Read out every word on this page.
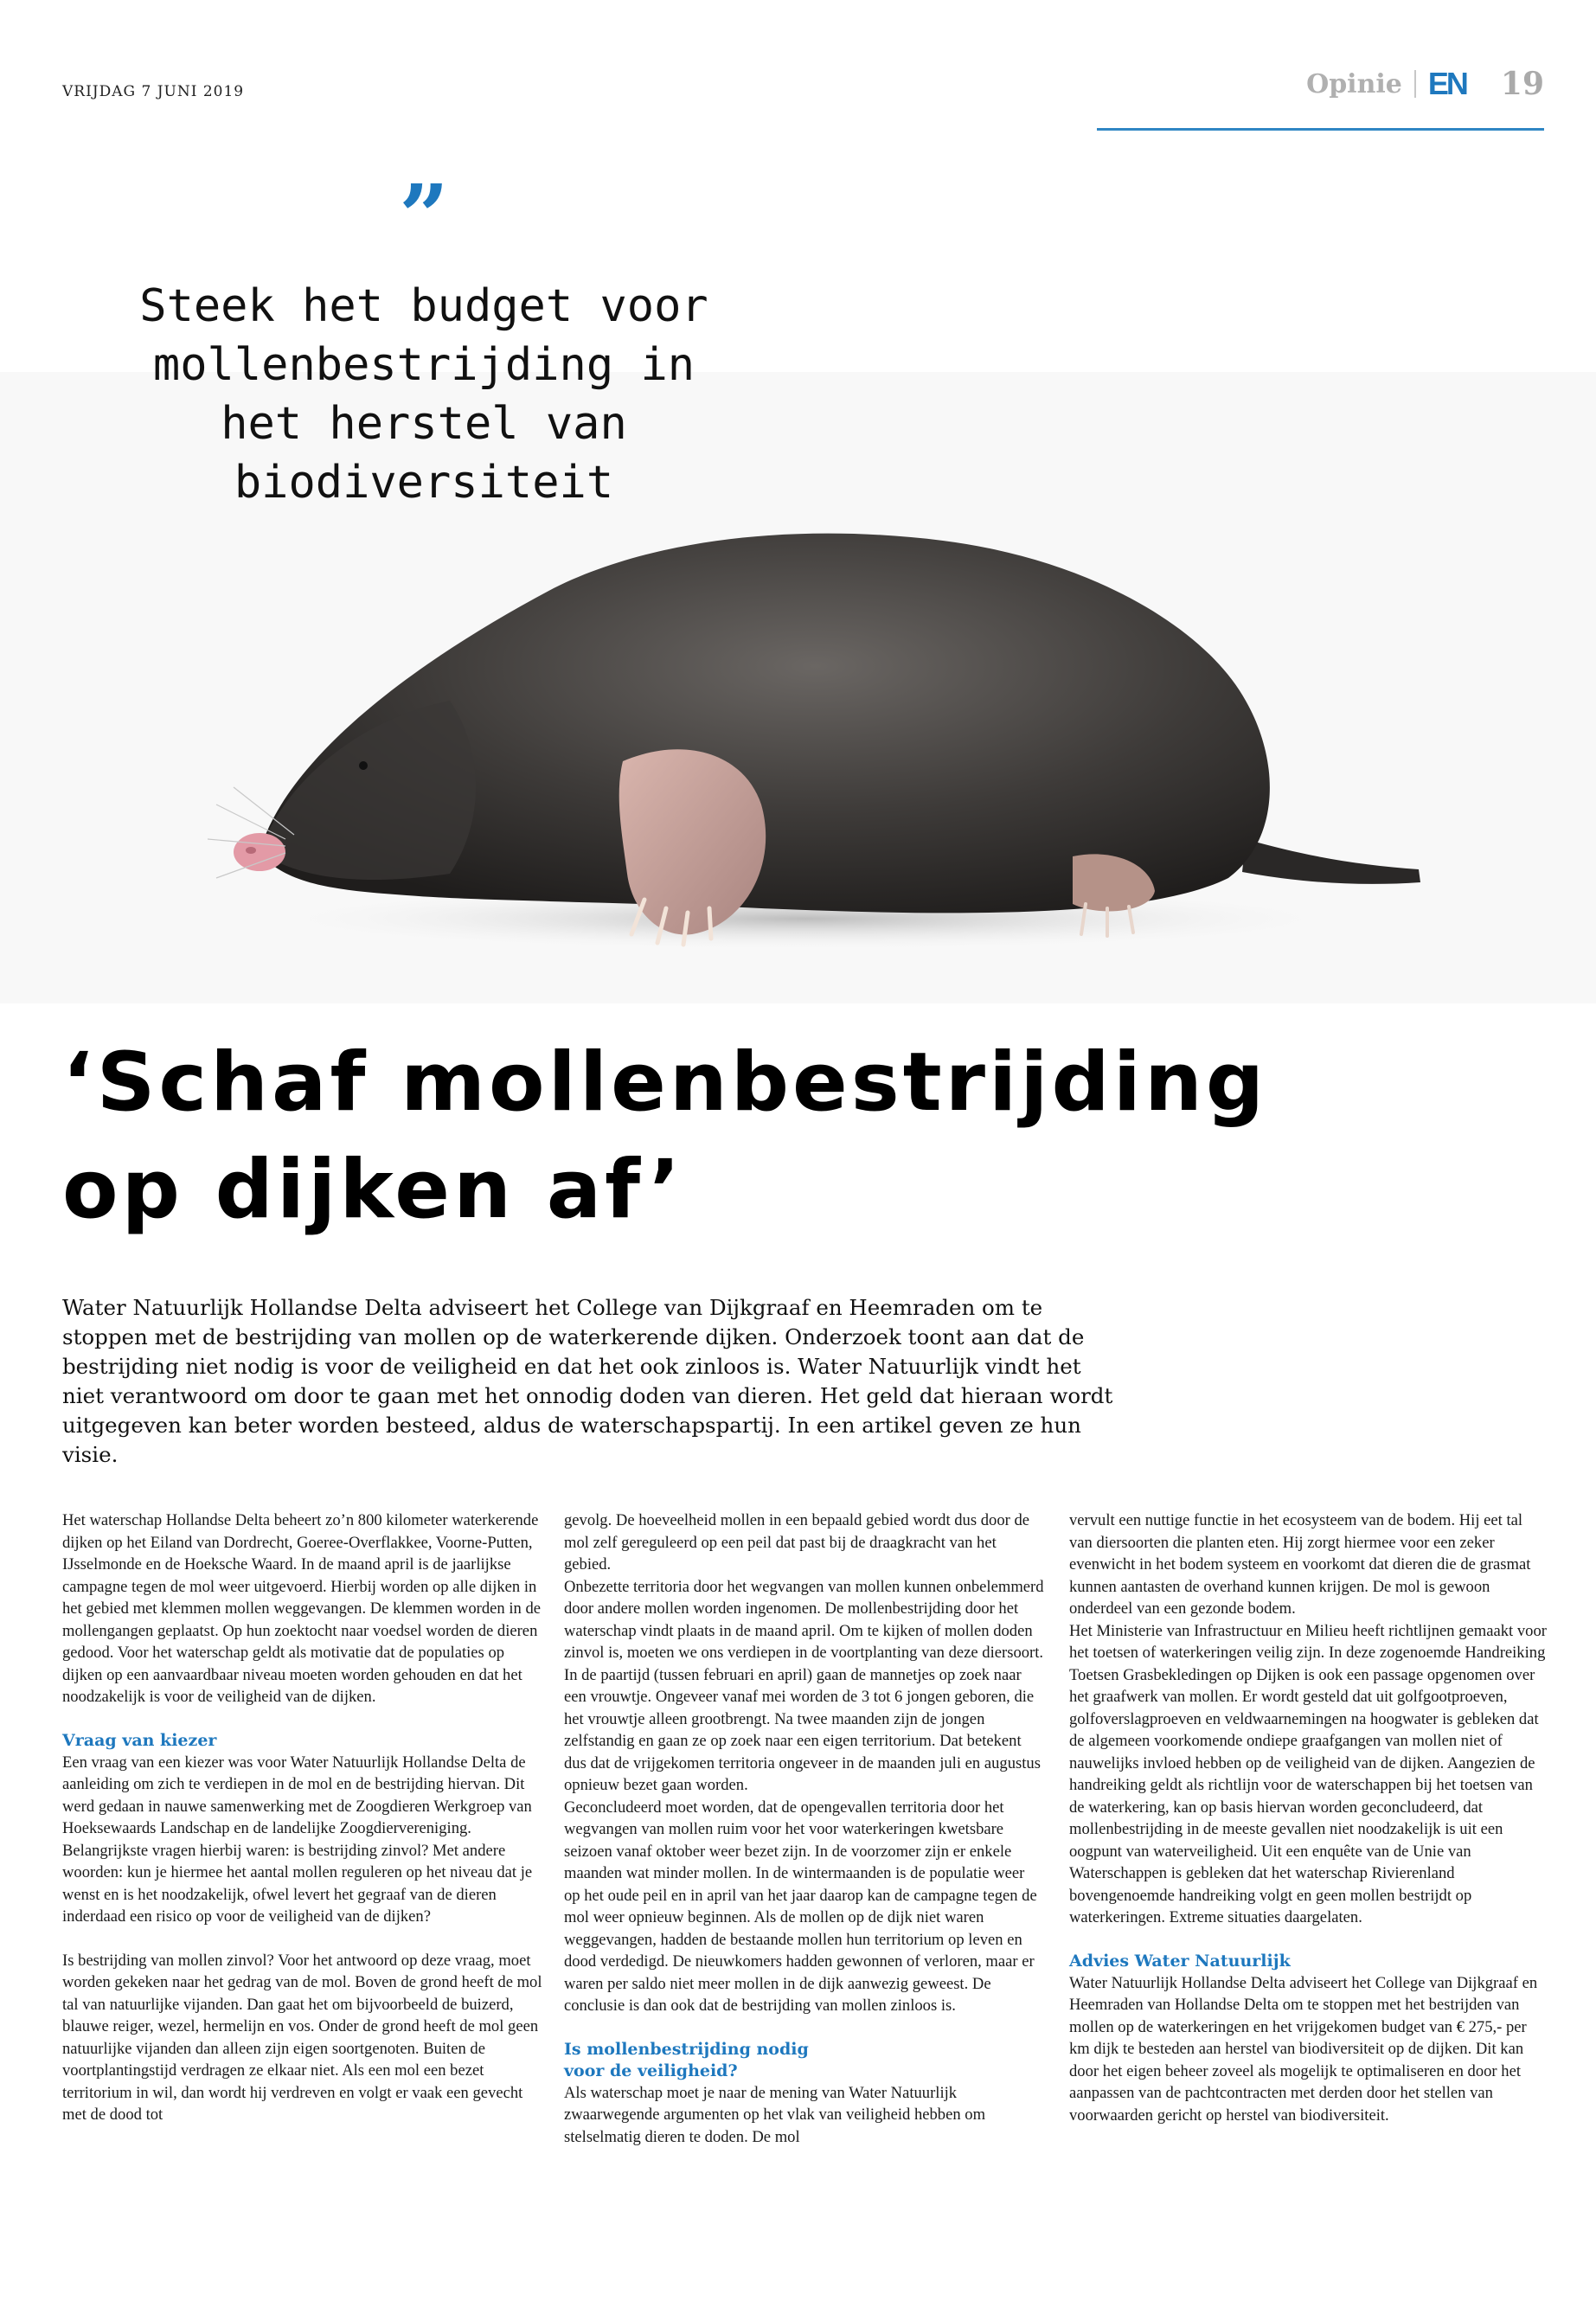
VRIJDAG 7 JUNI 2019	Opinie EN 19
”
Steek het budget voor mollenbestrijding in het herstel van biodiversiteit
‘Schaf mollenbestrijding
op dijken af’

Water Natuurlijk Hollandse Delta adviseert het College van Dijkgraaf en Heemraden om te stoppen met de bestrijding van mollen op de waterkerende dijken. Onderzoek toont aan dat de bestrijding niet nodig is voor de veiligheid en dat het ook zinloos is. Water Natuurlijk vindt het niet verantwoord om door te gaan met het onnodig doden van dieren. Het geld dat hieraan wordt uitgegeven kan beter worden besteed, aldus de waterschapspartij. In een artikel geven ze hun visie.

Het waterschap Hollandse Delta beheert zo’n 800 kilometer waterkerende dijken op het Eiland van Dordrecht, Goeree-Overflakkee, Voorne-Putten, IJsselmonde en de Hoeksche Waard. In de maand april is de jaarlijkse campagne tegen de mol weer uitgevoerd. Hierbij worden op alle dijken in het gebied met klemmen mollen weggevangen. De klemmen worden in de mollengangen geplaatst. Op hun zoektocht naar voedsel worden de dieren gedood. Voor het waterschap geldt als motivatie dat de populaties op dijken op een aanvaardbaar niveau moeten worden gehouden en dat het noodzakelijk is voor de veiligheid van de dijken.

Vraag van kiezer

Een vraag van een kiezer was voor Water Natuurlijk Hollandse Delta de aanleiding om zich te verdiepen in de mol en de bestrijding hiervan. Dit werd gedaan in nauwe samenwerking met de Zoogdieren Werkgroep van Hoeksewaards Landschap en de landelijke Zoogdiervereniging. Belangrijkste vragen hierbij waren: is bestrijding zinvol? Met andere woorden: kun je hiermee het aantal mollen reguleren op het niveau dat je wenst en is het noodzakelijk, ofwel levert het gegraaf van de dieren inderdaad een risico op voor de veiligheid van de dijken?

Is bestrijding van mollen zinvol? Voor het antwoord op deze vraag, moet worden gekeken naar het gedrag van de mol. Boven de grond heeft de mol tal van natuurlijke vijanden. Dan gaat het om bijvoorbeeld de buizerd, blauwe reiger, wezel, hermelijn en vos. Onder de grond heeft de mol geen natuurlijke vijanden dan alleen zijn eigen soortgenoten. Buiten de voortplantingstijd verdragen ze elkaar niet. Als een mol een bezet territorium in wil, dan wordt hij verdreven en volgt er vaak een gevecht met de dood tot

gevolg. De hoeveelheid mollen in een bepaald gebied wordt dus door de mol zelf gereguleerd op een peil dat past bij de draagkracht van het gebied.

Onbezette territoria door het wegvangen van mollen kunnen onbelemmerd door andere mollen worden ingenomen. De mollenbestrijding door het waterschap vindt plaats in de maand april. Om te kijken of mollen doden zinvol is, moeten we ons verdiepen in de voortplanting van deze diersoort. In de paartijd (tussen februari en april) gaan de mannetjes op zoek naar een vrouwtje. Ongeveer vanaf mei worden de 3 tot 6 jongen geboren, die het vrouwtje alleen grootbrengt. Na twee maanden zijn de jongen zelfstandig en gaan ze op zoek naar een eigen territorium. Dat betekent dus dat de vrijgekomen territoria ongeveer in de maanden juli en augustus opnieuw bezet gaan worden.

Geconcludeerd moet worden, dat de opengevallen territoria door het wegvangen van mollen ruim voor het voor waterkeringen kwetsbare seizoen vanaf oktober weer bezet zijn. In de voorzomer zijn er enkele maanden wat minder mollen. In de wintermaanden is de populatie weer op het oude peil en in april van het jaar daarop kan de campagne tegen de mol weer opnieuw beginnen. Als de mollen op de dijk niet waren weggevangen, hadden de bestaande mollen hun territorium op leven en dood verdedigd. De nieuwkomers hadden gewonnen of verloren, maar er waren per saldo niet meer mollen in de dijk aanwezig geweest. De conclusie is dan ook dat de bestrijding van mollen zinloos is.

Is mollenbestrijding nodig voor de veiligheid?

Als waterschap moet je naar de mening van Water Natuurlijk zwaarwegende argumenten op het vlak van veiligheid hebben om stelselmatig dieren te doden. De mol

vervult een nuttige functie in het ecosysteem van de bodem. Hij eet tal van diersoorten die planten eten. Hij zorgt hiermee voor een zeker evenwicht in het bodem systeem en voorkomt dat dieren die de grasmat kunnen aantasten de overhand kunnen krijgen. De mol is gewoon onderdeel van een gezonde bodem.

Het Ministerie van Infrastructuur en Milieu heeft richtlijnen gemaakt voor het toetsen of waterkeringen veilig zijn. In deze zogenoemde Handreiking Toetsen Grasbekledingen op Dijken is ook een passage opgenomen over het graafwerk van mollen. Er wordt gesteld dat uit golfgootproeven, golfoverslagproeven en veldwaarnemingen na hoogwater is gebleken dat de algemeen voorkomende ondiepe graafgangen van mollen niet of nauwelijks invloed hebben op de veiligheid van de dijken. Aangezien de handreiking geldt als richtlijn voor de waterschappen bij het toetsen van de waterkering, kan op basis hiervan worden geconcludeerd, dat mollenbestrijding in de meeste gevallen niet noodzakelijk is uit een oogpunt van waterveiligheid. Uit een enquête van de Unie van Waterschappen is gebleken dat het waterschap Rivierenland bovengenoemde handreiking volgt en geen mollen bestrijdt op waterkeringen. Extreme situaties daargelaten.

Advies Water Natuurlijk

Water Natuurlijk Hollandse Delta adviseert het College van Dijkgraaf en Heemraden van Hollandse Delta om te stoppen met het bestrijden van mollen op de waterkeringen en het vrijgekomen budget van € 275,- per km dijk te besteden aan herstel van biodiversiteit op de dijken. Dit kan door het eigen beheer zoveel als mogelijk te optimaliseren en door het aanpassen van de pachtcontracten met derden door het stellen van voorwaarden gericht op herstel van biodiversiteit.
